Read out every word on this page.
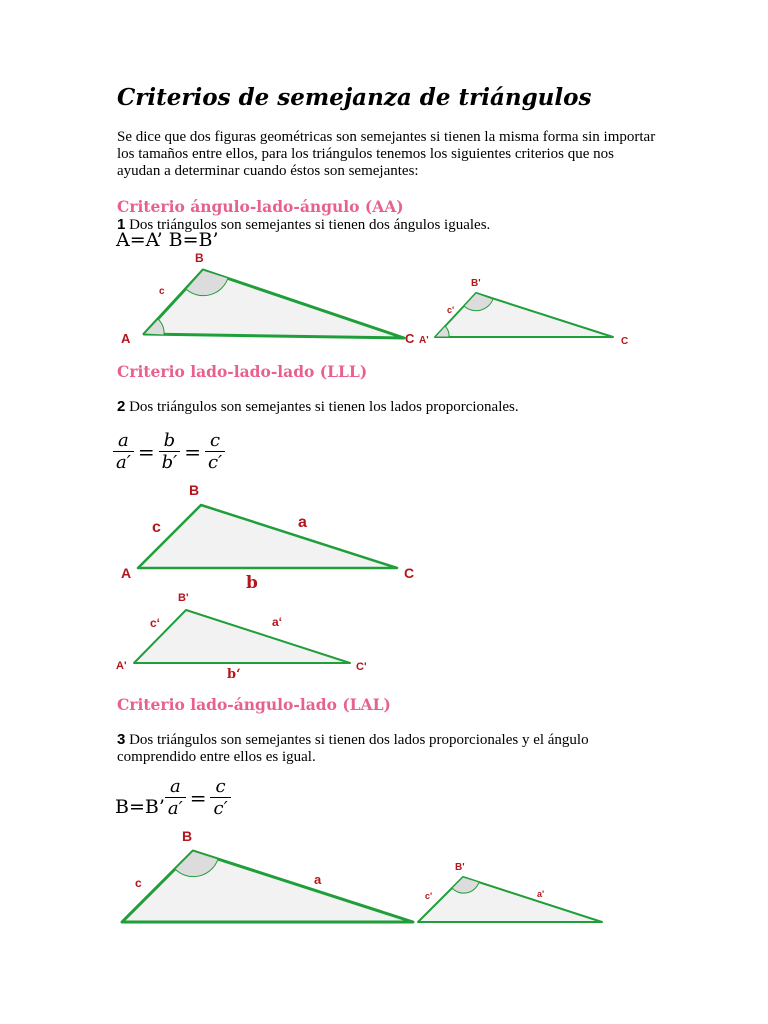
Criterios de semejanza de triángulos

Se dice que dos figuras geométricas son semejantes si tienen la misma forma sin importar los tamaños entre ellos, para los triángulos tenemos los siguientes criterios que nos ayudan a determinar cuando éstos son semejantes:

Criterio ángulo-lado-ángulo (AA)
1 Dos triángulos son semejantes si tienen dos ángulos iguales.
A=A’ B=B’
Criterio lado-lado-lado (LLL)
2 Dos triángulos son semejantes si tienen los lados proporcionales.
$\frac{a}{a'} = \frac{b}{b'} = \frac{c}{c'}$
Criterio lado-ángulo-lado (LAL)
3 Dos triángulos son semejantes si tienen dos lados proporcionales y el ángulo comprendido entre ellos es igual.
B=B’ $\frac{a}{a'} = \frac{c}{c'}$
B
c
A	C
B'
c'
A'	C
B
c	a
A	C
b
B'
c‘	a‘
A'	C'
b‘
B
c	a
B'
c'	a'
